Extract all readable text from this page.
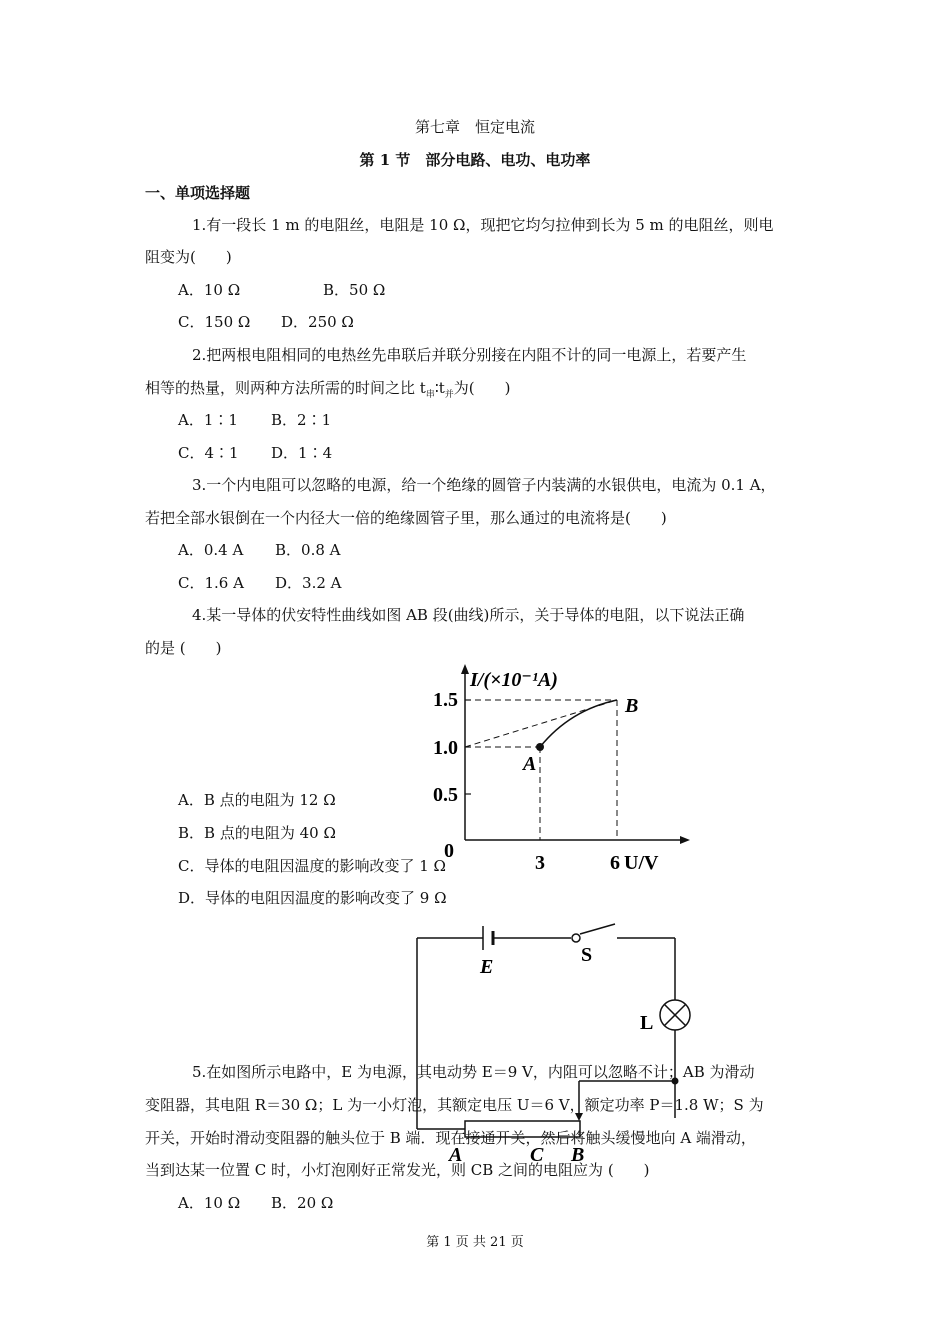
第七章　恒定电流
第 1 节　部分电路、电功、电功率
一、单项选择题
1.有一段长 1 m 的电阻丝，电阻是 10 Ω，现把它均匀拉伸到长为 5 m 的电阻丝，则电
阻变为(　　)
A．10 Ω	B．50 Ω
C．150 Ω D．250 Ω
2.把两根电阻相同的电热丝先串联后并联分别接在内阻不计的同一电源上，若要产生
相等的热量，则两种方法所需的时间之比 $t_串∶t_并$为(　　)
A．1∶1 B．2∶1
C．4∶1 D．1∶4
3.一个内电阻可以忽略的电源，给一个绝缘的圆管子内装满的水银供电，电流为 0.1 A，
若把全部水银倒在一个内径大一倍的绝缘圆管子里，那么通过的电流将是(　　)
A．0.4 A B．0.8 A
C．1.6 A D．3.2 A
4.某一导体的伏安特性曲线如图 AB 段(曲线)所示，关于导体的电阻，以下说法正确
的是 (　　)
I/(×10⁻¹A)
U/V
1.5
1.0
0.5
0
3	6
A
B
A．B 点的电阻为 12 Ω
B．B 点的电阻为 40 Ω
C．导体的电阻因温度的影响改变了 1 Ω
D．导体的电阻因温度的影响改变了 9 Ω
E
S
L
A	C B
5.在如图所示电路中，E 为电源，其电动势 E＝9 V，内阻可以忽略不计；AB 为滑动
变阻器，其电阻 R＝30 Ω；L 为一小灯泡，其额定电压 U＝6 V，额定功率 P＝1.8 W；S 为
开关，开始时滑动变阻器的触头位于 B 端．现在接通开关，然后将触头缓慢地向 A 端滑动，
当到达某一位置 C 时，小灯泡刚好正常发光，则 CB 之间的电阻应为 (　　)
A．10 Ω B．20 Ω
第 1 页 共 21 页
